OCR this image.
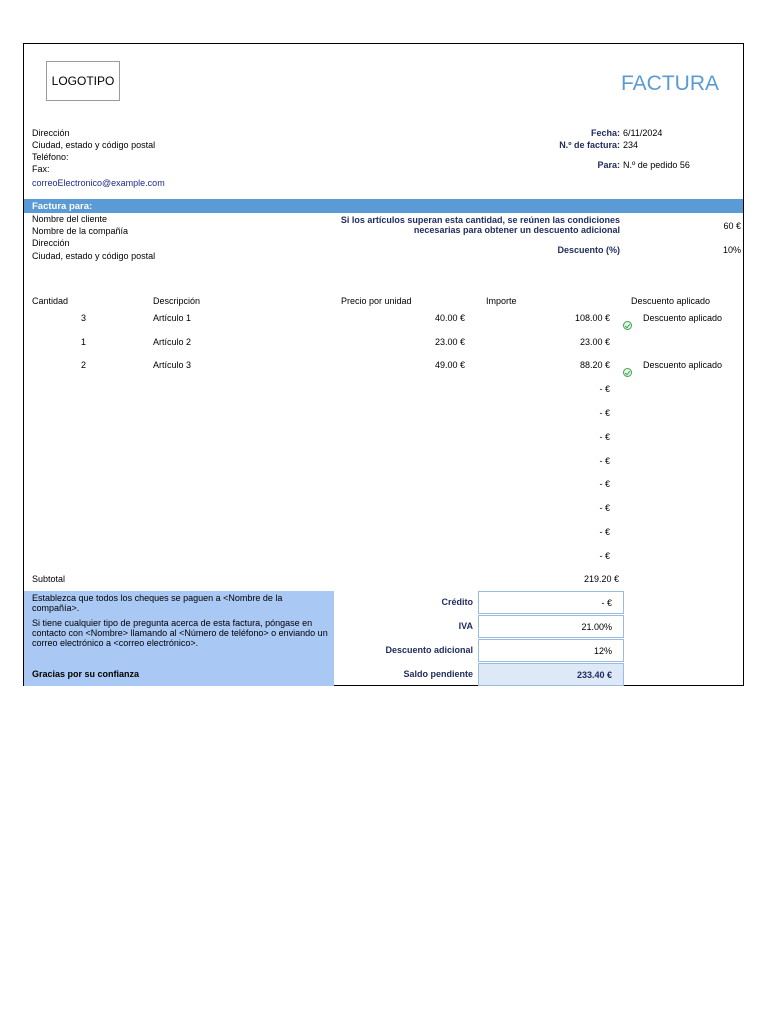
LOGOTIPO	FACTURA
Dirección
Ciudad, estado y código postal
Teléfono:
Fax:
correoElectronico@example.com
Fecha: 6/11/2024
N.º de factura: 234
Para: N.º de pedido 56
Factura para:
Nombre del cliente
Nombre de la compañía
Dirección
Ciudad, estado y código postal
Si los artículos superan esta cantidad, se reúnen las condiciones
necesarias para obtener un descuento adicional	60 €
Descuento (%)	10%
Cantidad	Descripción	Precio por unidad	Importe	Descuento aplicado
3	Artículo 1	40.00 €	108.00 €	Descuento aplicado
1	Artículo 2	23.00 €	23.00 €
2	Artículo 3	49.00 €	88.20 €	Descuento aplicado
- €
- €
- €
- €
- €
- €
- €
- €
Subtotal	219.20 €
Establezca que todos los cheques se paguen a <Nombre de la compañía>.
Si tiene cualquier tipo de pregunta acerca de esta factura, póngase en contacto con <Nombre> llamando al <Número de teléfono> o enviando un correo electrónico a <correo electrónico>.
Gracias por su confianza
Crédito	- €
IVA	21.00%
Descuento adicional	12%
Saldo pendiente	233.40 €
